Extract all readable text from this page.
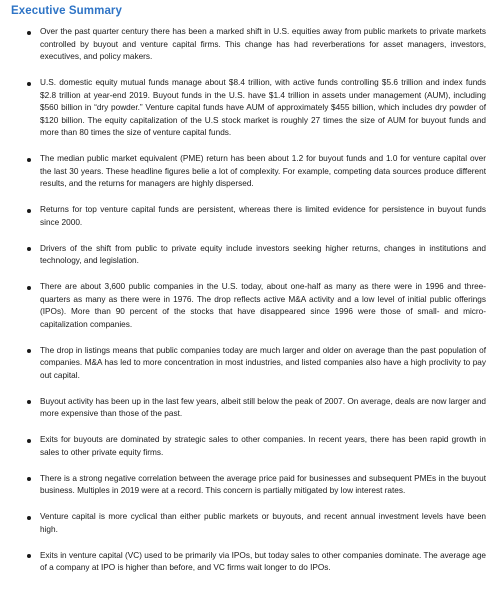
Executive Summary
Over the past quarter century there has been a marked shift in U.S. equities away from public markets to private markets controlled by buyout and venture capital firms. This change has had reverberations for asset managers, investors, executives, and policy makers.
U.S. domestic equity mutual funds manage about $8.4 trillion, with active funds controlling $5.6 trillion and index funds $2.8 trillion at year-end 2019. Buyout funds in the U.S. have $1.4 trillion in assets under management (AUM), including $560 billion in “dry powder.” Venture capital funds have AUM of approximately $455 billion, which includes dry powder of $120 billion. The equity capitalization of the U.S stock market is roughly 27 times the size of AUM for buyout funds and more than 80 times the size of venture capital funds.
The median public market equivalent (PME) return has been about 1.2 for buyout funds and 1.0 for venture capital over the last 30 years. These headline figures belie a lot of complexity. For example, competing data sources produce different results, and the returns for managers are highly dispersed.
Returns for top venture capital funds are persistent, whereas there is limited evidence for persistence in buyout funds since 2000.
Drivers of the shift from public to private equity include investors seeking higher returns, changes in institutions and technology, and legislation.
There are about 3,600 public companies in the U.S. today, about one-half as many as there were in 1996 and three-quarters as many as there were in 1976. The drop reflects active M&A activity and a low level of initial public offerings (IPOs). More than 90 percent of the stocks that have disappeared since 1996 were those of small- and micro-capitalization companies.
The drop in listings means that public companies today are much larger and older on average than the past population of companies. M&A has led to more concentration in most industries, and listed companies also have a high proclivity to pay out capital.
Buyout activity has been up in the last few years, albeit still below the peak of 2007. On average, deals are now larger and more expensive than those of the past.
Exits for buyouts are dominated by strategic sales to other companies. In recent years, there has been rapid growth in sales to other private equity firms.
There is a strong negative correlation between the average price paid for businesses and subsequent PMEs in the buyout business. Multiples in 2019 were at a record. This concern is partially mitigated by low interest rates.
Venture capital is more cyclical than either public markets or buyouts, and recent annual investment levels have been high.
Exits in venture capital (VC) used to be primarily via IPOs, but today sales to other companies dominate. The average age of a company at IPO is higher than before, and VC firms wait longer to do IPOs.
